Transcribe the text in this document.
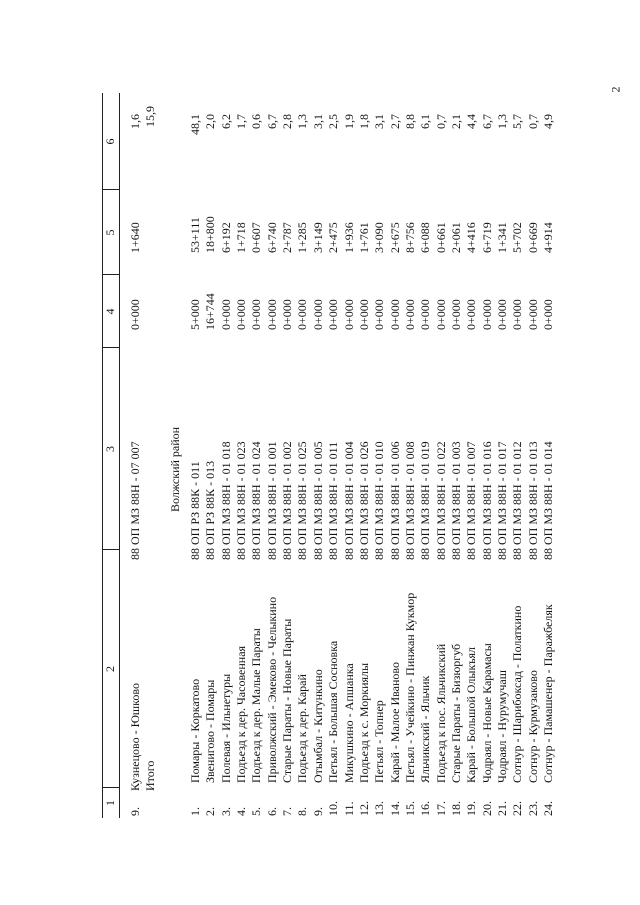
2
1
2
3
4
5
6
9.
Кузнецово - Юшково
88 ОП МЗ 88Н - 07 007
0+000
1+640
1,6
Итого
15,9
Волжский район
1.
Помары - Коркатово
88 ОП РЗ 88К - 011
5+000
53+111
48,1
2.
Звенигово - Помары
88 ОП РЗ 88К - 013
16+744
18+800
2,0
3.
Полевая - Ильнетуры
88 ОП МЗ 88Н - 01 018
0+000
6+192
6,2
4.
Подъезд к дер. Часовенная
88 ОП МЗ 88Н - 01 023
0+000
1+718
1,7
5.
Подъезд к дер. Малые Параты
88 ОП МЗ 88Н - 01 024
0+000
0+607
0,6
6.
Приволжский - Эмеково - Челыкино
88 ОП МЗ 88Н - 01 001
0+000
6+740
6,7
7.
Старые Параты - Новые Параты
88 ОП МЗ 88Н - 01 002
0+000
2+787
2,8
8.
Подъезд к дер. Карай
88 ОП МЗ 88Н - 01 025
0+000
1+285
1,3
9.
Отымбал - Китункино
88 ОП МЗ 88Н - 01 005
0+000
3+149
3,1
10.
Петьял - Большая Сосновка
88 ОП МЗ 88Н - 01 011
0+000
2+475
2,5
11.
Микушкино - Апшанка
88 ОП МЗ 88Н - 01 004
0+000
1+936
1,9
12.
Подъезд к с. Моркиялы
88 ОП МЗ 88Н - 01 026
0+000
1+761
1,8
13.
Петьял - Топнер
88 ОП МЗ 88Н - 01 010
0+000
3+090
3,1
14.
Карай - Малое Иваново
88 ОП МЗ 88Н - 01 006
0+000
2+675
2,7
15.
Петьял - Учейкино - Пинжан Кукмор
88 ОП МЗ 88Н - 01 008
0+000
8+756
8,8
16.
Яльчикский - Яльчик
88 ОП МЗ 88Н - 01 019
0+000
6+088
6,1
17.
Подъезд к пос. Яльчикский
88 ОП МЗ 88Н - 01 022
0+000
0+661
0,7
18.
Старые Параты - Бизюргуб
88 ОП МЗ 88Н - 01 003
0+000
2+061
2,1
19.
Карай - Большой Олыкъял
88 ОП МЗ 88Н - 01 007
0+000
4+416
4,4
20.
Чодраял - Новые Карамасы
88 ОП МЗ 88Н - 01 016
0+000
6+719
6,7
21.
Чодраял - Нурумучаш
88 ОП МЗ 88Н - 01 017
0+000
1+341
1,3
22.
Сотнур - Шарибоксад - Полаткино
88 ОП МЗ 88Н - 01 012
0+000
5+702
5,7
23.
Сотнур - Курмузаково
88 ОП МЗ 88Н - 01 013
0+000
0+669
0,7
24.
Сотнур - Памашенер - Паражбеляк
88 ОП МЗ 88Н - 01 014
0+000
4+914
4,9
